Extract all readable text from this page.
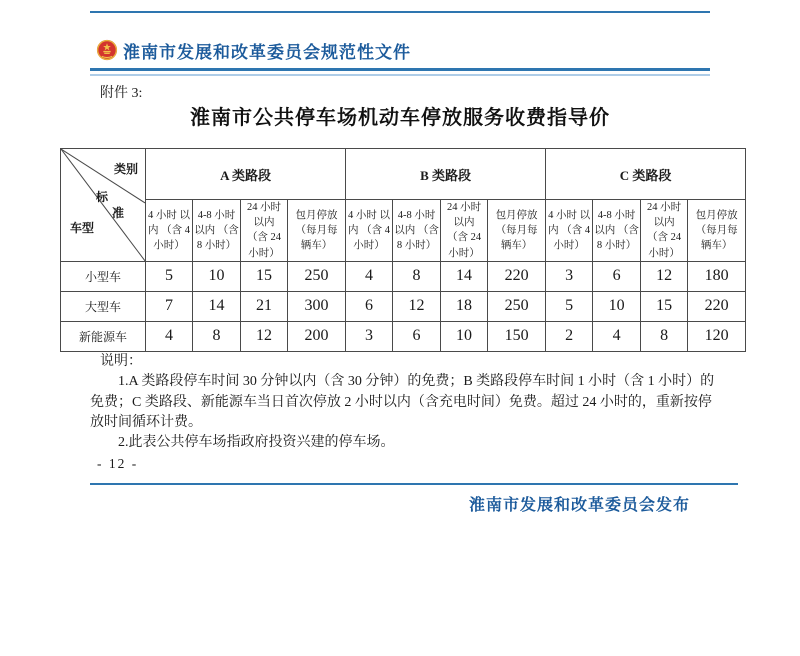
淮南市发展和改革委员会规范性文件
附件 3:
淮南市公共停车场机动车停放服务收费指导价
类别
标
准
车型	A 类路段				B 类路段				C 类路段			
	4 小时 以内 （含 4 小时）	4-8 小时 以内 （含 8 小时）	24 小时 以内 （含 24 小时）	包月停放 （每月每 辆车）	4 小时 以内 （含 4 小时）	4-8 小时 以内 （含 8 小时）	24 小时 以内 （含 24 小时）	包月停放 （每月每 辆车）	4 小时 以内 （含 4 小时）	4-8 小时 以内 （含 8 小时）	24 小时 以内 （含 24 小时）	包月停放 （每月每 辆车）
小型车	5	10	15	250	4	8	14	220	3	6	12	180
大型车	7	14	21	300	6	12	18	250	5	10	15	220
新能源车	4	8	12	200	3	6	10	150	2	4	8	120
说明：

1.A 类路段停车时间 30 分钟以内（含 30 分钟）的免费；B 类路段停车时间 1 小时（含 1 小时）的免费；C 类路段、新能源车当日首次停放 2 小时以内（含充电时间）免费。超过 24 小时的，重新按停放时间循环计费。

2.此表公共停车场指政府投资兴建的停车场。

- 12 -
淮南市发展和改革委员会发布
